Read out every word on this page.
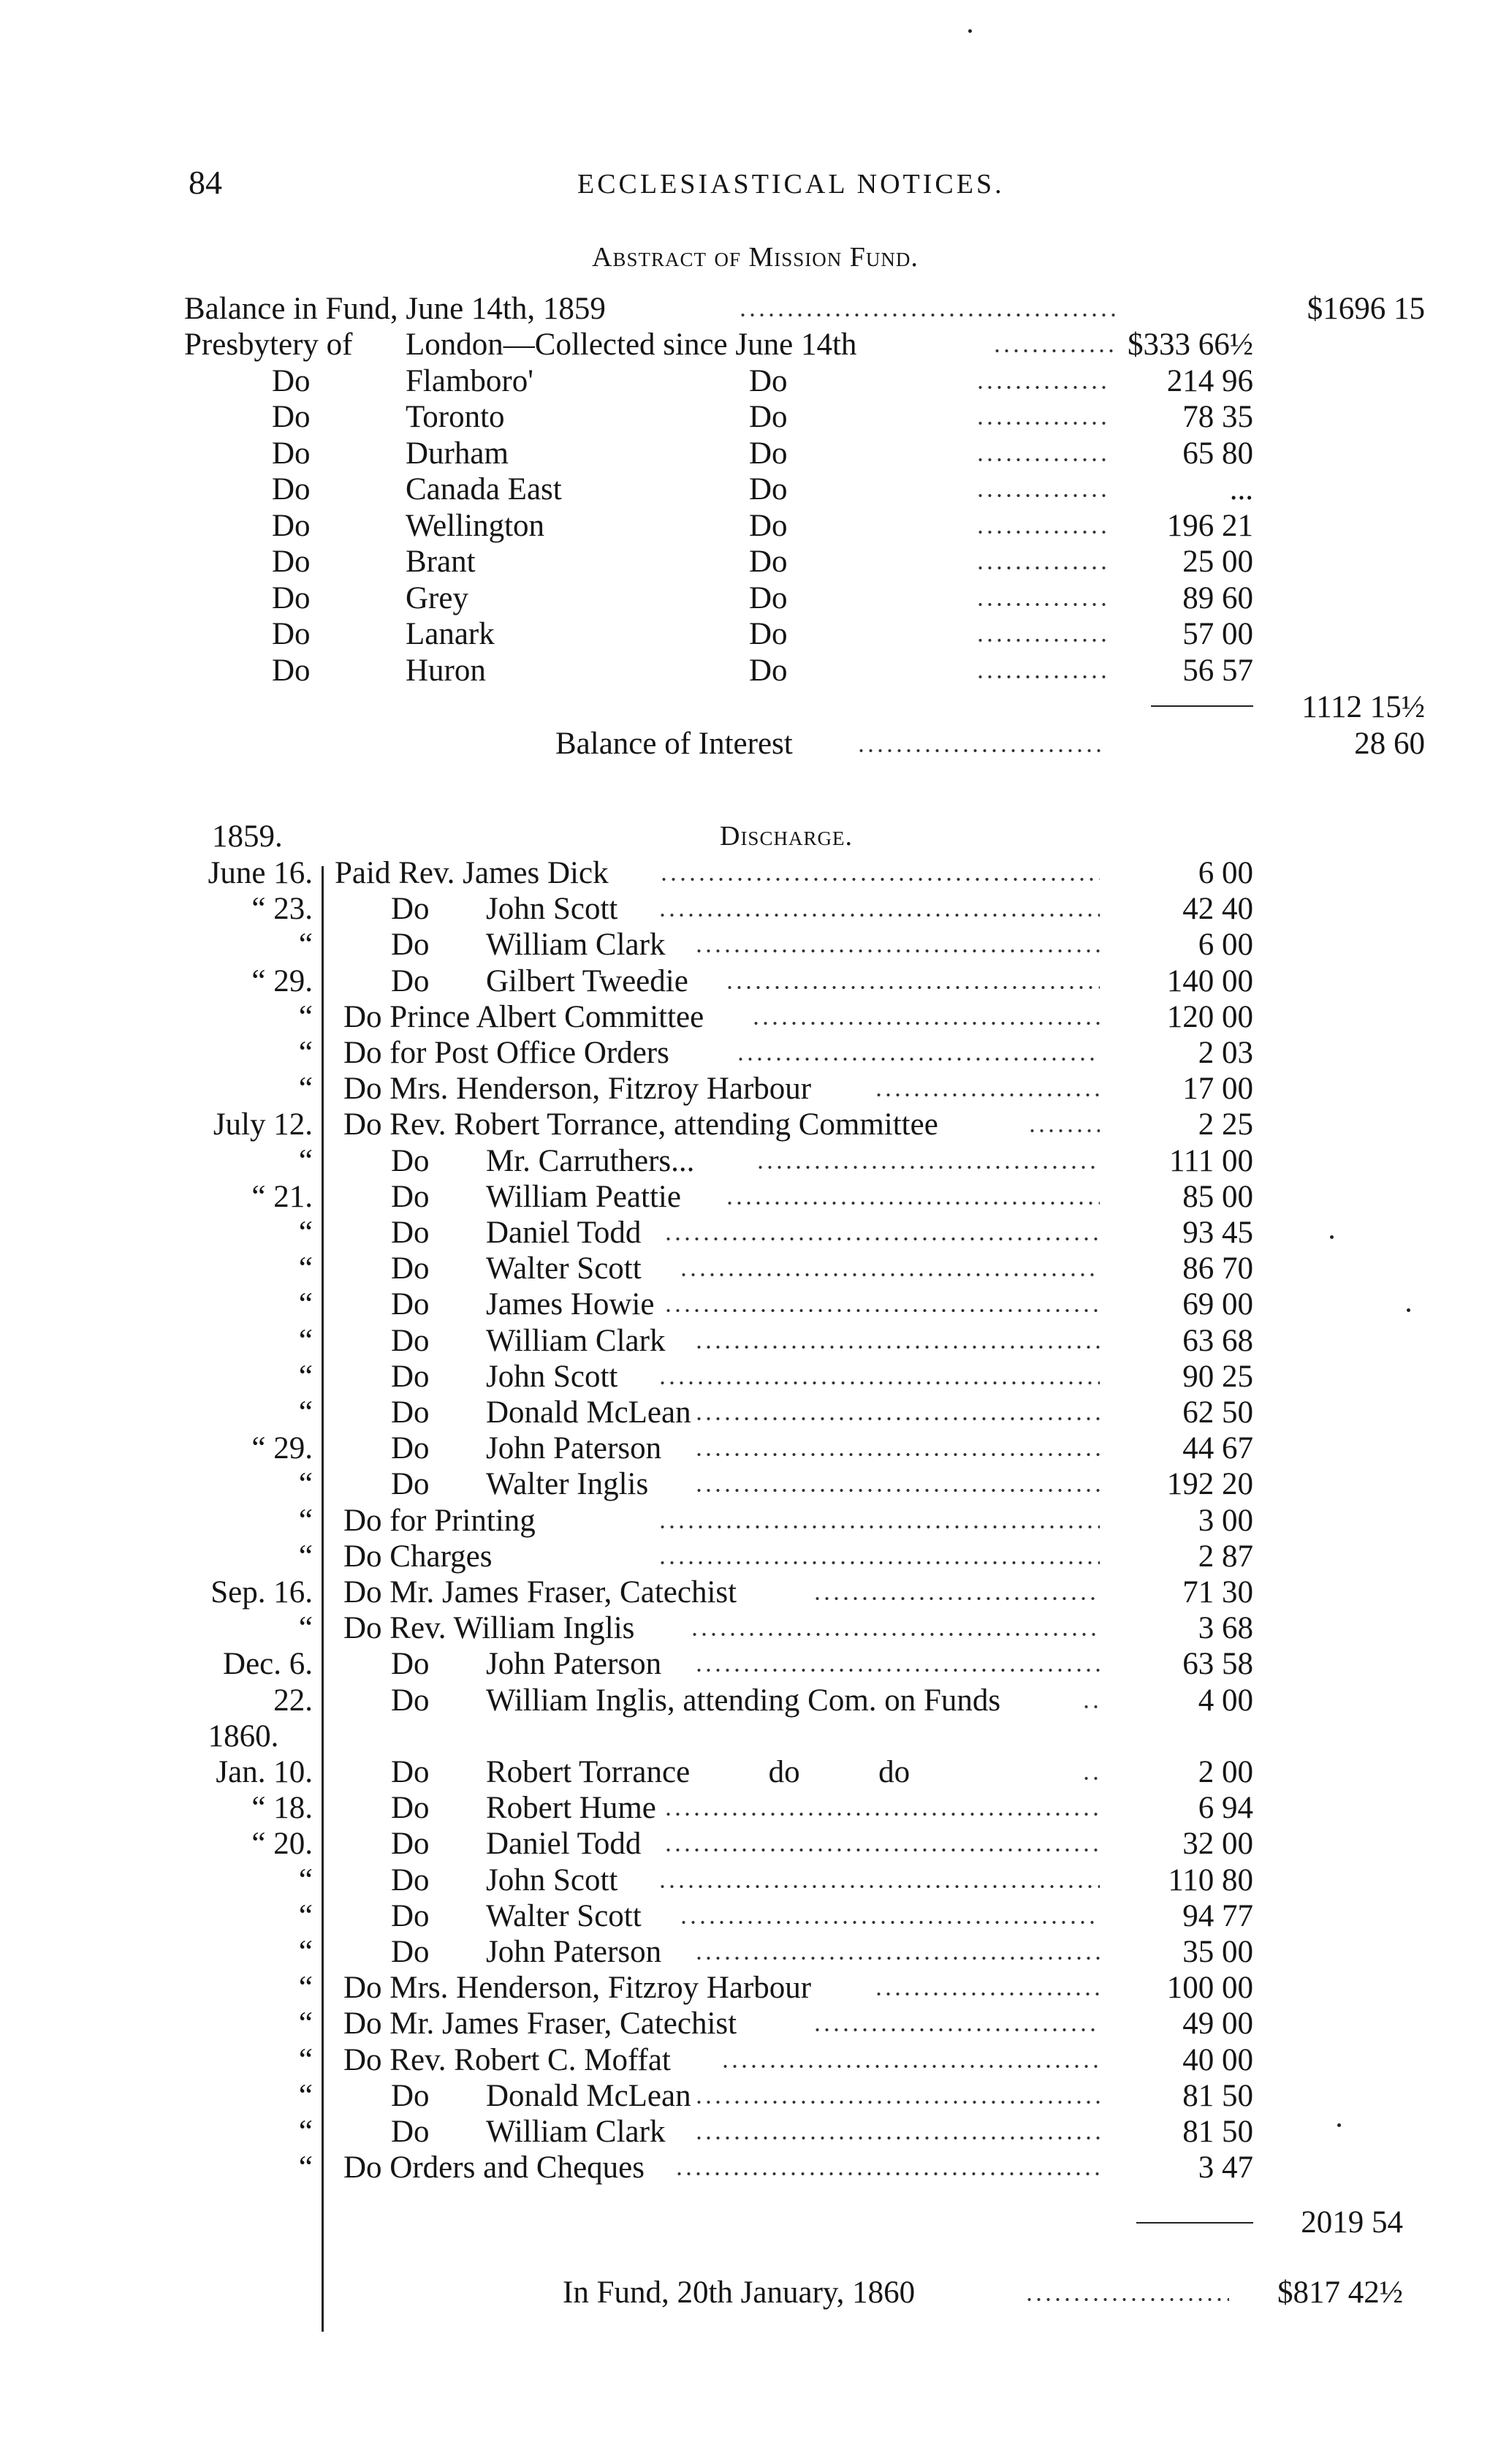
84	ECCLESIASTICAL NOTICES.
Abstract of Mission Fund.
Balance in Fund, June 14th, 1859	$1696 15
Presbytery of London—Collected since June 14th	$333 66½
Do	Flamboro'	Do	214 96
Do	Toronto	Do	78 35
Do	Durham	Do	65 80
Do	Canada East	Do	...
Do	Wellington	Do	196 21
Do	Brant	Do	25 00
Do	Grey	Do	89 60
Do	Lanark	Do	57 00
Do	Huron	Do	56 57
1112 15½
Balance of Interest	28 60
1859.	Discharge.
June 16. Paid Rev. James Dick	6 00
“ 23. Do John Scott	42 40
“ Do William Clark	6 00
“ 29. Do Gilbert Tweedie	140 00
“ Do Prince Albert Committee	120 00
“ Do for Post Office Orders	2 03
“ Do Mrs. Henderson, Fitzroy Harbour	17 00
July 12. Do Rev. Robert Torrance, attending Committee	2 25
“ Do Mr. Carruthers...	111 00
“ 21. Do William Peattie	85 00
“ Do Daniel Todd	93 45
“ Do Walter Scott	86 70
“ Do James Howie	69 00
“ Do William Clark	63 68
“ Do John Scott	90 25
“ Do Donald McLean	62 50
“ 29. Do John Paterson	44 67
“ Do Walter Inglis	192 20
“ Do for Printing	3 00
“ Do Charges	2 87
Sep. 16. Do Mr. James Fraser, Catechist	71 30
“ Do Rev. William Inglis	3 68
Dec. 6. Do John Paterson	63 58
22. Do William Inglis, attending Com. on Funds	4 00
1860.
Jan. 10. Do Robert Torrance          do          do	2 00
“ 18. Do Robert Hume	6 94
“ 20. Do Daniel Todd	32 00
“ Do John Scott	110 80
“ Do Walter Scott	94 77
“ Do John Paterson	35 00
“ Do Mrs. Henderson, Fitzroy Harbour	100 00
“ Do Mr. James Fraser, Catechist	49 00
“ Do Rev. Robert C. Moffat	40 00
“ Do Donald McLean	81 50
“ Do William Clark	81 50
“ Do Orders and Cheques	3 47
2019 54
In Fund, 20th January, 1860	$817 42½
